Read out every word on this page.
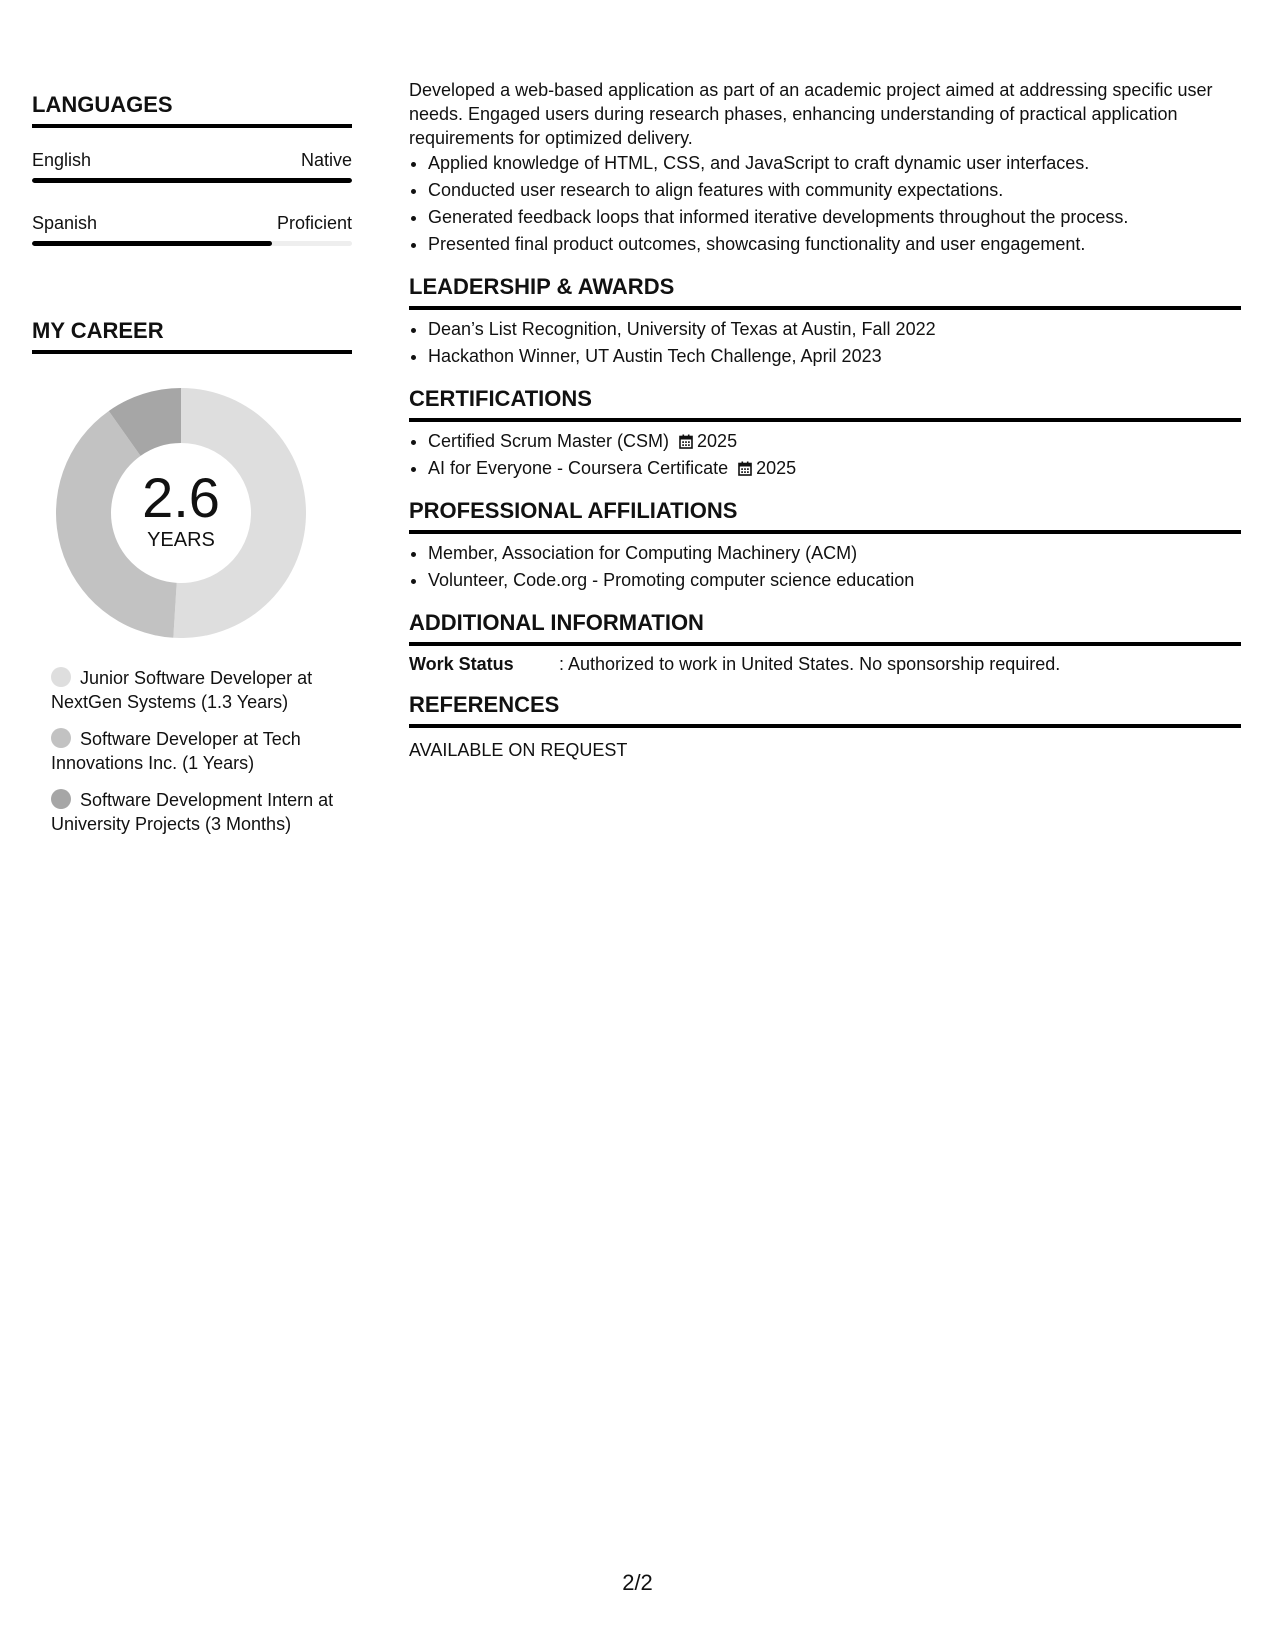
LANGUAGES
English	Native
Spanish	Proficient
MY CAREER
2.6
YEARS
Junior Software Developer at NextGen Systems (1.3 Years)
Software Developer at Tech Innovations Inc. (1 Years)
Software Development Intern at University Projects (3 Months)

Developed a web-based application as part of an academic project aimed at addressing specific user needs. Engaged users during research phases, enhancing understanding of practical application requirements for optimized delivery.

• Applied knowledge of HTML, CSS, and JavaScript to craft dynamic user interfaces.
• Conducted user research to align features with community expectations.
• Generated feedback loops that informed iterative developments throughout the process.
• Presented final product outcomes, showcasing functionality and user engagement.
LEADERSHIP & AWARDS
• Dean’s List Recognition, University of Texas at Austin, Fall 2022
• Hackathon Winner, UT Austin Tech Challenge, April 2023
CERTIFICATIONS
• Certified Scrum Master (CSM) 2025
• AI for Everyone - Coursera Certificate 2025
PROFESSIONAL AFFILIATIONS
• Member, Association for Computing Machinery (ACM)
• Volunteer, Code.org - Promoting computer science education
ADDITIONAL INFORMATION
Work Status	: Authorized to work in United States. No sponsorship required.
REFERENCES
AVAILABLE ON REQUEST
2/2
